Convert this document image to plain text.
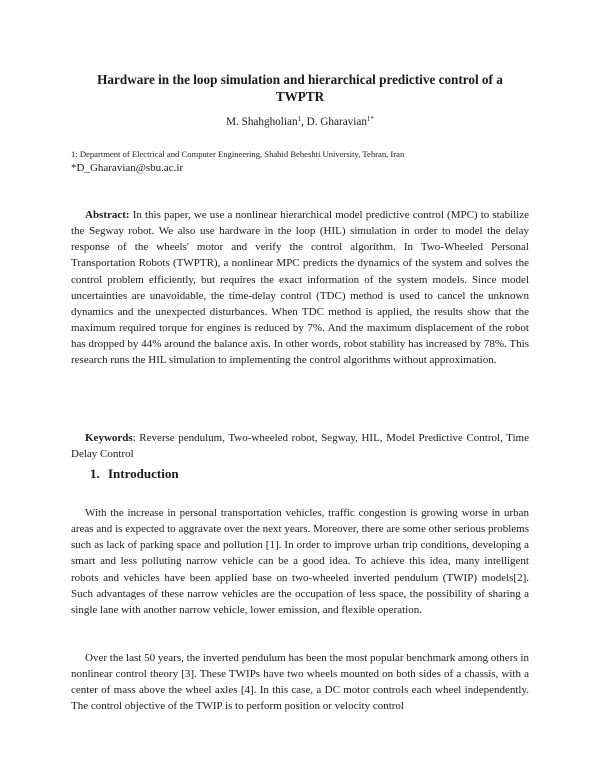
Hardware in the loop simulation and hierarchical predictive control of a
TWPTR
M. Shahgholian$^1$, D. Gharavian$^{1*}$
1: Department of Electrical and Computer Engineering, Shahid Beheshti University, Tehran, Iran
*D_Gharavian@sbu.ac.ir

Abstract: In this paper, we use a nonlinear hierarchical model predictive control (MPC) to stabilize the Segway robot. We also use hardware in the loop (HIL) simulation in order to model the delay response of the wheels' motor and verify the control algorithm. In Two-Wheeled Personal Transportation Robots (TWPTR), a nonlinear MPC predicts the dynamics of the system and solves the control problem efficiently, but requires the exact information of the system models. Since model uncertainties are unavoidable, the time-delay control (TDC) method is used to cancel the unknown dynamics and the unexpected disturbances. When TDC method is applied, the results show that the maximum required torque for engines is reduced by 7%. And the maximum displacement of the robot has dropped by 44% around the balance axis. In other words, robot stability has increased by 78%. This research runs the HIL simulation to implementing the control algorithms without approximation.

Keywords: Reverse pendulum, Two-wheeled robot, Segway, HIL, Model Predictive Control, Time Delay Control

1. Introduction

With the increase in personal transportation vehicles, traffic congestion is growing worse in urban areas and is expected to aggravate over the next years. Moreover, there are some other serious problems such as lack of parking space and pollution [1]. In order to improve urban trip conditions, developing a smart and less polluting narrow vehicle can be a good idea. To achieve this idea, many intelligent robots and vehicles have been applied base on two-wheeled inverted pendulum (TWIP) models[2]. Such advantages of these narrow vehicles are the occupation of less space, the possibility of sharing a single lane with another narrow vehicle, lower emission, and flexible operation.

Over the last 50 years, the inverted pendulum has been the most popular benchmark among others in nonlinear control theory [3]. These TWIPs have two wheels mounted on both sides of a chassis, with a center of mass above the wheel axles [4]. In this case, a DC motor controls each wheel independently. The control objective of the TWIP is to perform position or velocity control
